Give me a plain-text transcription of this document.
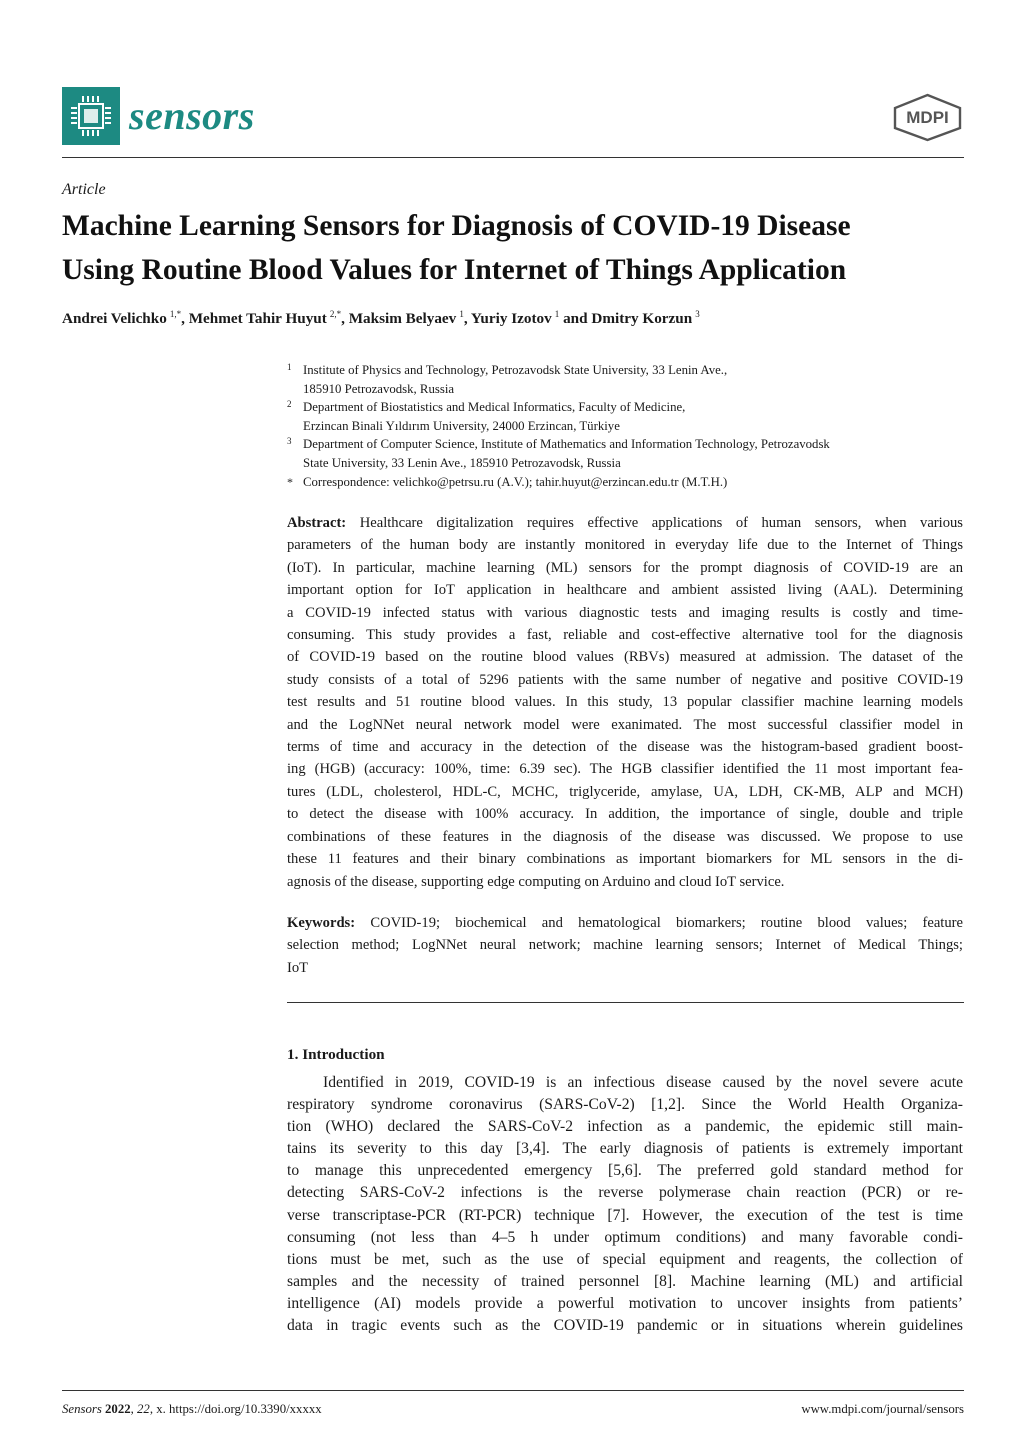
sensors	MDPI
Article
Machine Learning Sensors for Diagnosis of COVID-19 Disease
Using Routine Blood Values for Internet of Things Application
Andrei Velichko  $^{1,*}$, Mehmet Tahir Huyut  $^{2,*}$, Maksim Belyaev  $^1$, Yuriy Izotov  $^1$ and Dmitry Korzun  $^3$
1 Institute of Physics and Technology, Petrozavodsk State University, 33 Lenin Ave.,
185910 Petrozavodsk, Russia
2 Department of Biostatistics and Medical Informatics, Faculty of Medicine,
Erzincan Binali Yıldırım University, 24000 Erzincan, Türkiye
3 Department of Computer Science, Institute of Mathematics and Information Technology, Petrozavodsk
State University, 33 Lenin Ave., 185910 Petrozavodsk, Russia
* Correspondence: velichko@petrsu.ru (A.V.); tahir.huyut@erzincan.edu.tr (M.T.H.)
Abstract: Healthcare digitalization requires effective applications of human sensors, when various
parameters of the human body are instantly monitored in everyday life due to the Internet of Things
(IoT). In particular, machine learning (ML) sensors for the prompt diagnosis of COVID-19 are an
important option for IoT application in healthcare and ambient assisted living (AAL). Determining
a COVID-19 infected status with various diagnostic tests and imaging results is costly and time-
consuming. This study provides a fast, reliable and cost-effective alternative tool for the diagnosis
of COVID-19 based on the routine blood values (RBVs) measured at admission. The dataset of the
study consists of a total of 5296 patients with the same number of negative and positive COVID-19
test results and 51 routine blood values. In this study, 13 popular classifier machine learning models
and the LogNNet neural network model were exanimated. The most successful classifier model in
terms of time and accuracy in the detection of the disease was the histogram-based gradient boost-
ing (HGB) (accuracy: 100%, time: 6.39 sec). The HGB classifier identified the 11 most important fea-
tures (LDL, cholesterol, HDL-C, MCHC, triglyceride, amylase, UA, LDH, CK-MB, ALP and MCH)
to detect the disease with 100% accuracy. In addition, the importance of single, double and triple
combinations of these features in the diagnosis of the disease was discussed. We propose to use
these 11 features and their binary combinations as important biomarkers for ML sensors in the di-
agnosis of the disease, supporting edge computing on Arduino and cloud IoT service.
Keywords: COVID-19; biochemical and hematological biomarkers; routine blood values; feature
selection method; LogNNet neural network; machine learning sensors; Internet of Medical Things;
IoT
1. Introduction
Identified in 2019, COVID-19 is an infectious disease caused by the novel severe acute
respiratory syndrome coronavirus (SARS-CoV-2) [1,2]. Since the World Health Organiza-
tion (WHO) declared the SARS-CoV-2 infection as a pandemic, the epidemic still main-
tains its severity to this day [3,4]. The early diagnosis of patients is extremely important
to manage this unprecedented emergency [5,6]. The preferred gold standard method for
detecting SARS-CoV-2 infections is the reverse polymerase chain reaction (PCR) or re-
verse transcriptase-PCR (RT-PCR) technique [7]. However, the execution of the test is time
consuming (not less than 4–5 h under optimum conditions) and many favorable condi-
tions must be met, such as the use of special equipment and reagents, the collection of
samples and the necessity of trained personnel [8]. Machine learning (ML) and artificial
intelligence (AI) models provide a powerful motivation to uncover insights from patients’
data in tragic events such as the COVID-19 pandemic or in situations wherein guidelines
Sensors 2022, 22, x. https://doi.org/10.3390/xxxxx	www.mdpi.com/journal/sensors
